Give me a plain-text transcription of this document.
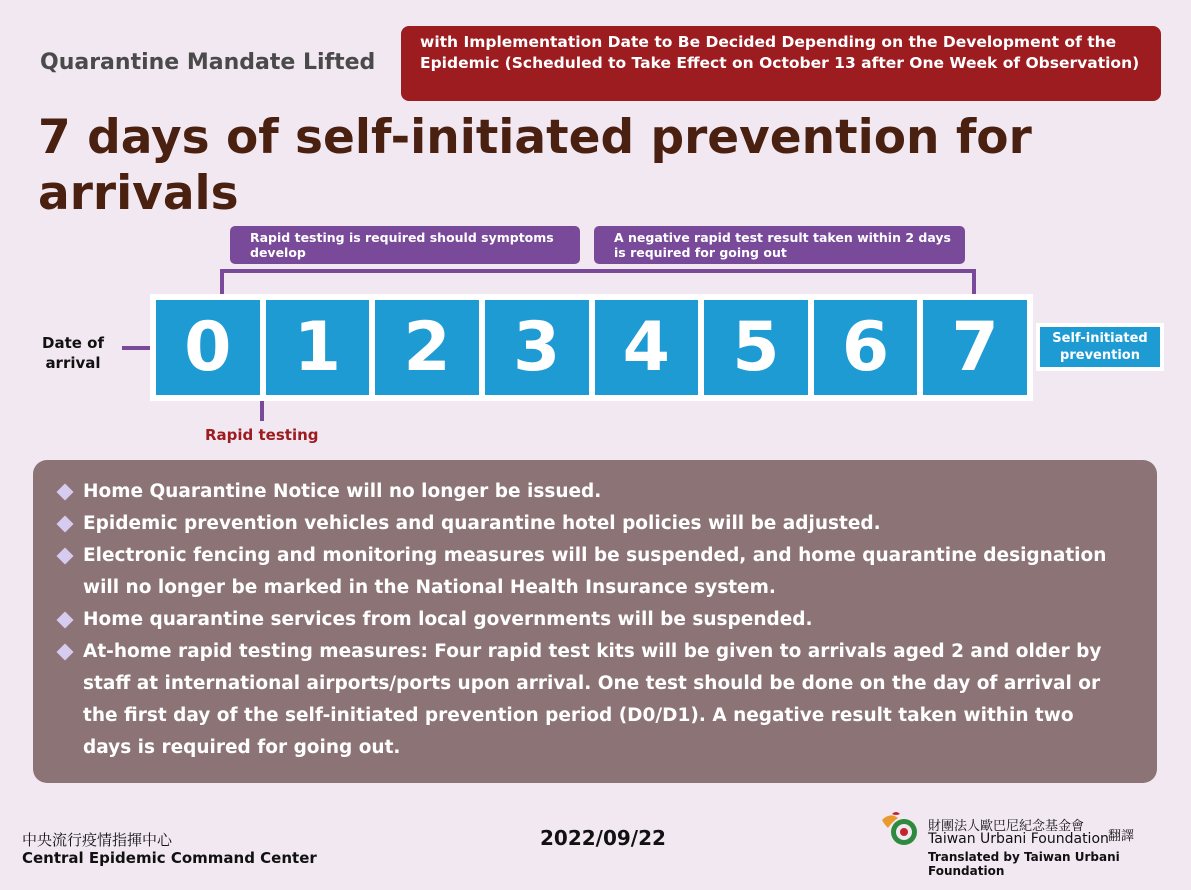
Quarantine Mandate Lifted
with Implementation Date to Be Decided Depending on the Development of the Epidemic (Scheduled to Take Effect on October 13 after One Week of Observation)
7 days of self-initiated prevention for arrivals
Rapid testing is required should symptoms develop
A negative rapid test result taken within 2 days is required for going out
Date of arrival	0 1 2 3 4 5 6 7	Self-initiated prevention
Rapid testing
Home Quarantine Notice will no longer be issued.
Epidemic prevention vehicles and quarantine hotel policies will be adjusted.
Electronic fencing and monitoring measures will be suspended, and home quarantine designation will no longer be marked in the National Health Insurance system.
Home quarantine services from local governments will be suspended.
At-home rapid testing measures: Four rapid test kits will be given to arrivals aged 2 and older by staff at international airports/ports upon arrival. One test should be done on the day of arrival or the first day of the self-initiated prevention period (D0/D1). A negative result taken within two days is required for going out.
中央流行疫情指揮中心
Central Epidemic Command Center
2022/09/22	財團法人歐巴尼紀念基金會
Taiwan Urbani Foundation 翻譯
Translated by Taiwan Urbani Foundation
